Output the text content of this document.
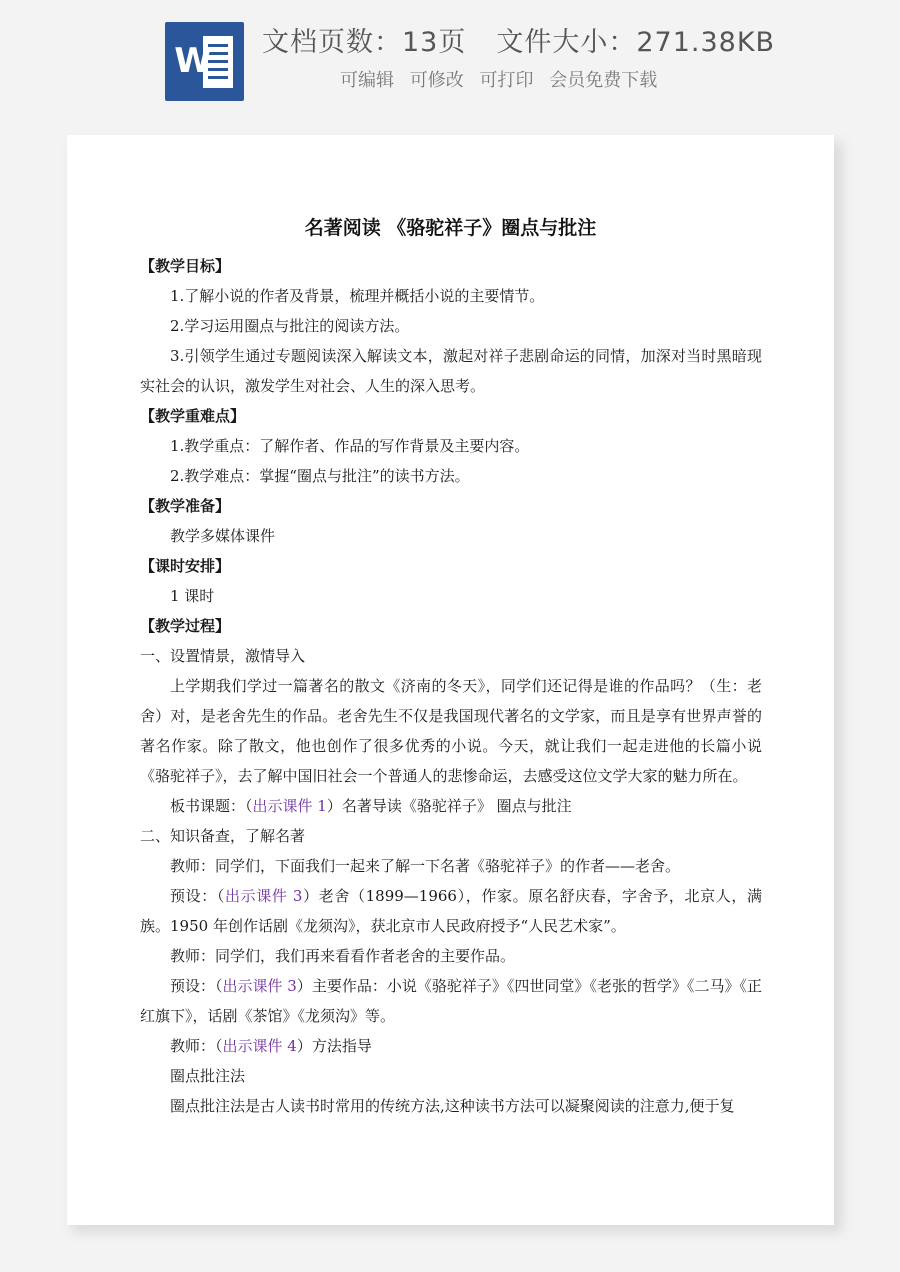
W 文档页数：13页 文件大小：271.38KB
可编辑 可修改 可打印 会员免费下载
名著阅读 《骆驼祥子》圈点与批注

【教学目标】

1.了解小说的作者及背景，梳理并概括小说的主要情节。

2.学习运用圈点与批注的阅读方法。

3.引领学生通过专题阅读深入解读文本，激起对祥子悲剧命运的同情，加深对当时黑暗现实社会的认识，激发学生对社会、人生的深入思考。

【教学重难点】

1.教学重点：了解作者、作品的写作背景及主要内容。

2.教学难点：掌握“圈点与批注”的读书方法。

【教学准备】

教学多媒体课件

【课时安排】

1 课时

【教学过程】

一、设置情景，激情导入

上学期我们学过一篇著名的散文《济南的冬天》，同学们还记得是谁的作品吗？（生：老舍）对，是老舍先生的作品。老舍先生不仅是我国现代著名的文学家，而且是享有世界声誉的著名作家。除了散文，他也创作了很多优秀的小说。今天，就让我们一起走进他的长篇小说《骆驼祥子》，去了解中国旧社会一个普通人的悲惨命运，去感受这位文学大家的魅力所在。

板书课题：（出示课件 1）名著导读《骆驼祥子》 圈点与批注

二、知识备查，了解名著

教师：同学们，下面我们一起来了解一下名著《骆驼祥子》的作者——老舍。

预设：（出示课件 3）老舍（1899—1966），作家。原名舒庆春，字舍予，北京人，满族。1950 年创作话剧《龙须沟》，获北京市人民政府授予“人民艺术家”。

教师：同学们，我们再来看看作者老舍的主要作品。

预设：（出示课件 3）主要作品：小说《骆驼祥子》《四世同堂》《老张的哲学》《二马》《正红旗下》，话剧《茶馆》《龙须沟》等。

教师：（出示课件 4）方法指导

圈点批注法

圈点批注法是古人读书时常用的传统方法,这种读书方法可以凝聚阅读的注意力,便于复
